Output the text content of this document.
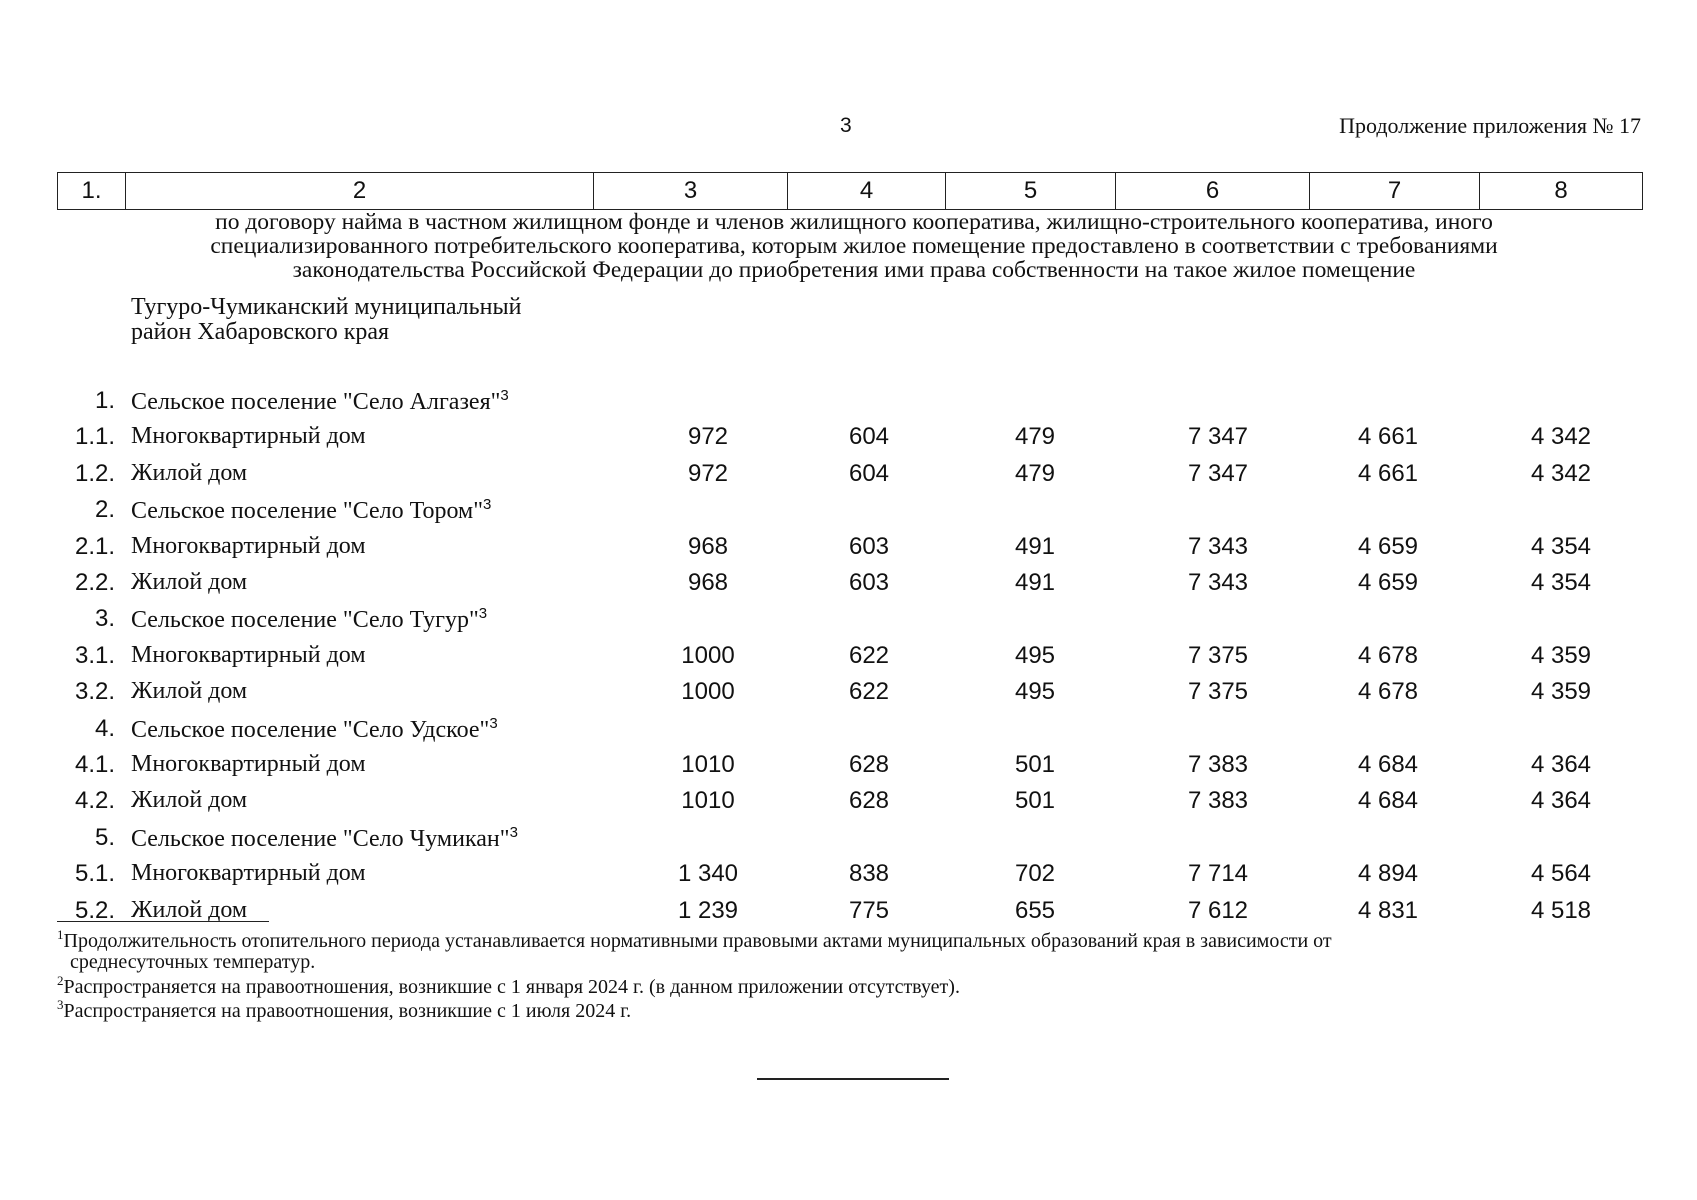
3	Продолжение приложения № 17
1.	2	3	4	5	6	7	8
по договору найма в частном жилищном фонде и членов жилищного кооператива, жилищно-строительного кооператива, иного
специализированного потребительского кооператива, которым жилое помещение предоставлено в соответствии с требованиями
законодательства Российской Федерации до приобретения ими права собственности на такое жилое помещение
Тугуро-Чумиканский муниципальный
район Хабаровского края
1. Сельское поселение "Село Алгазея"$^3$
1.1. Многоквартирный дом	972	604	479	7 347	4 661	4 342
1.2. Жилой дом	972	604	479	7 347	4 661	4 342
2. Сельское поселение "Село Тором"$^3$
2.1. Многоквартирный дом	968	603	491	7 343	4 659	4 354
2.2. Жилой дом	968	603	491	7 343	4 659	4 354
3. Сельское поселение "Село Тугур"$^3$
3.1. Многоквартирный дом	1000	622	495	7 375	4 678	4 359
3.2. Жилой дом	1000	622	495	7 375	4 678	4 359
4. Сельское поселение "Село Удское"$^3$
4.1. Многоквартирный дом	1010	628	501	7 383	4 684	4 364
4.2. Жилой дом	1010	628	501	7 383	4 684	4 364
5. Сельское поселение "Село Чумикан"$^3$
5.1. Многоквартирный дом	1 340	838	702	7 714	4 894	4 564
5.2. Жилой дом	1 239	775	655	7 612	4 831	4 518
$^1$Продолжительность отопительного периода устанавливается нормативными правовыми актами муниципальных образований края в зависимости от
среднесуточных температур.
$^2$Распространяется на правоотношения, возникшие с 1 января 2024 г. (в данном приложении отсутствует).
$^3$Распространяется на правоотношения, возникшие с 1 июля 2024 г.
